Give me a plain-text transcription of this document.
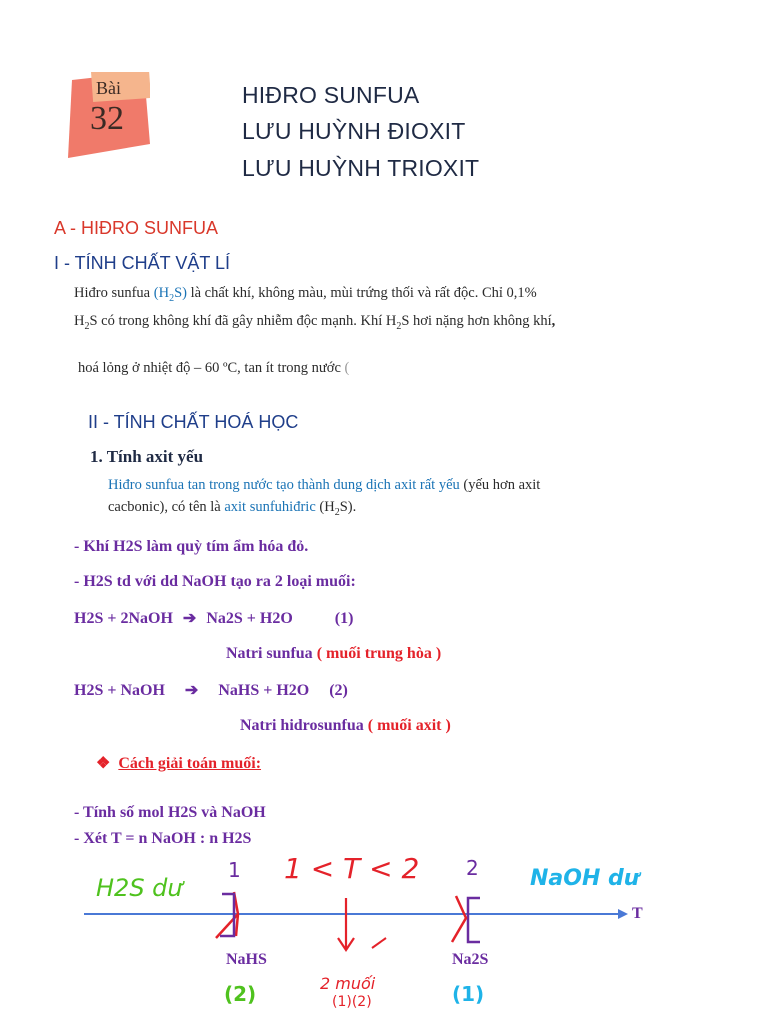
Bài
32
HIĐRO SUNFUA
LƯU HUỲNH ĐIOXIT
LƯU HUỲNH TRIOXIT
A - HIĐRO SUNFUA
I - TÍNH CHẤT VẬT LÍ
Hiđro sunfua $(H_2S)$ là chất khí, không màu, mùi trứng thối và rất độc. Chỉ 0,1%
$H_2S$ có trong không khí đã gây nhiễm độc mạnh. Khí $H_2S$ hơi nặng hơn không khí,
hoá lỏng ở nhiệt độ – 60 ºC, tan ít trong nước (
II - TÍNH CHẤT HOÁ HỌC
1. Tính axit yếu
Hiđro sunfua tan trong nước tạo thành dung dịch axit rất yếu (yếu hơn axit
cacbonic), có tên là axit sunfuhiđric $(H_2S)$.
- Khí H2S làm quỳ tím ẩm hóa đỏ.
- H2S td với dd NaOH tạo ra 2 loại muối:
H2S + 2NaOH ➔ Na2S + H2O	(1)
Natri sunfua ( muối trung hòa )
H2S + NaOH ➔ NaHS + H2O (2)
Natri hidrosunfua ( muối axit )
❖ Cách giải toán muối:
- Tính số mol H2S và NaOH
- Xét T = n NaOH : n H2S
H2S dư
1 1 < T < 2 2 NaOH dư
T
NaHS	Na2S
(2)	2 muối
(1)(2)	(1)
